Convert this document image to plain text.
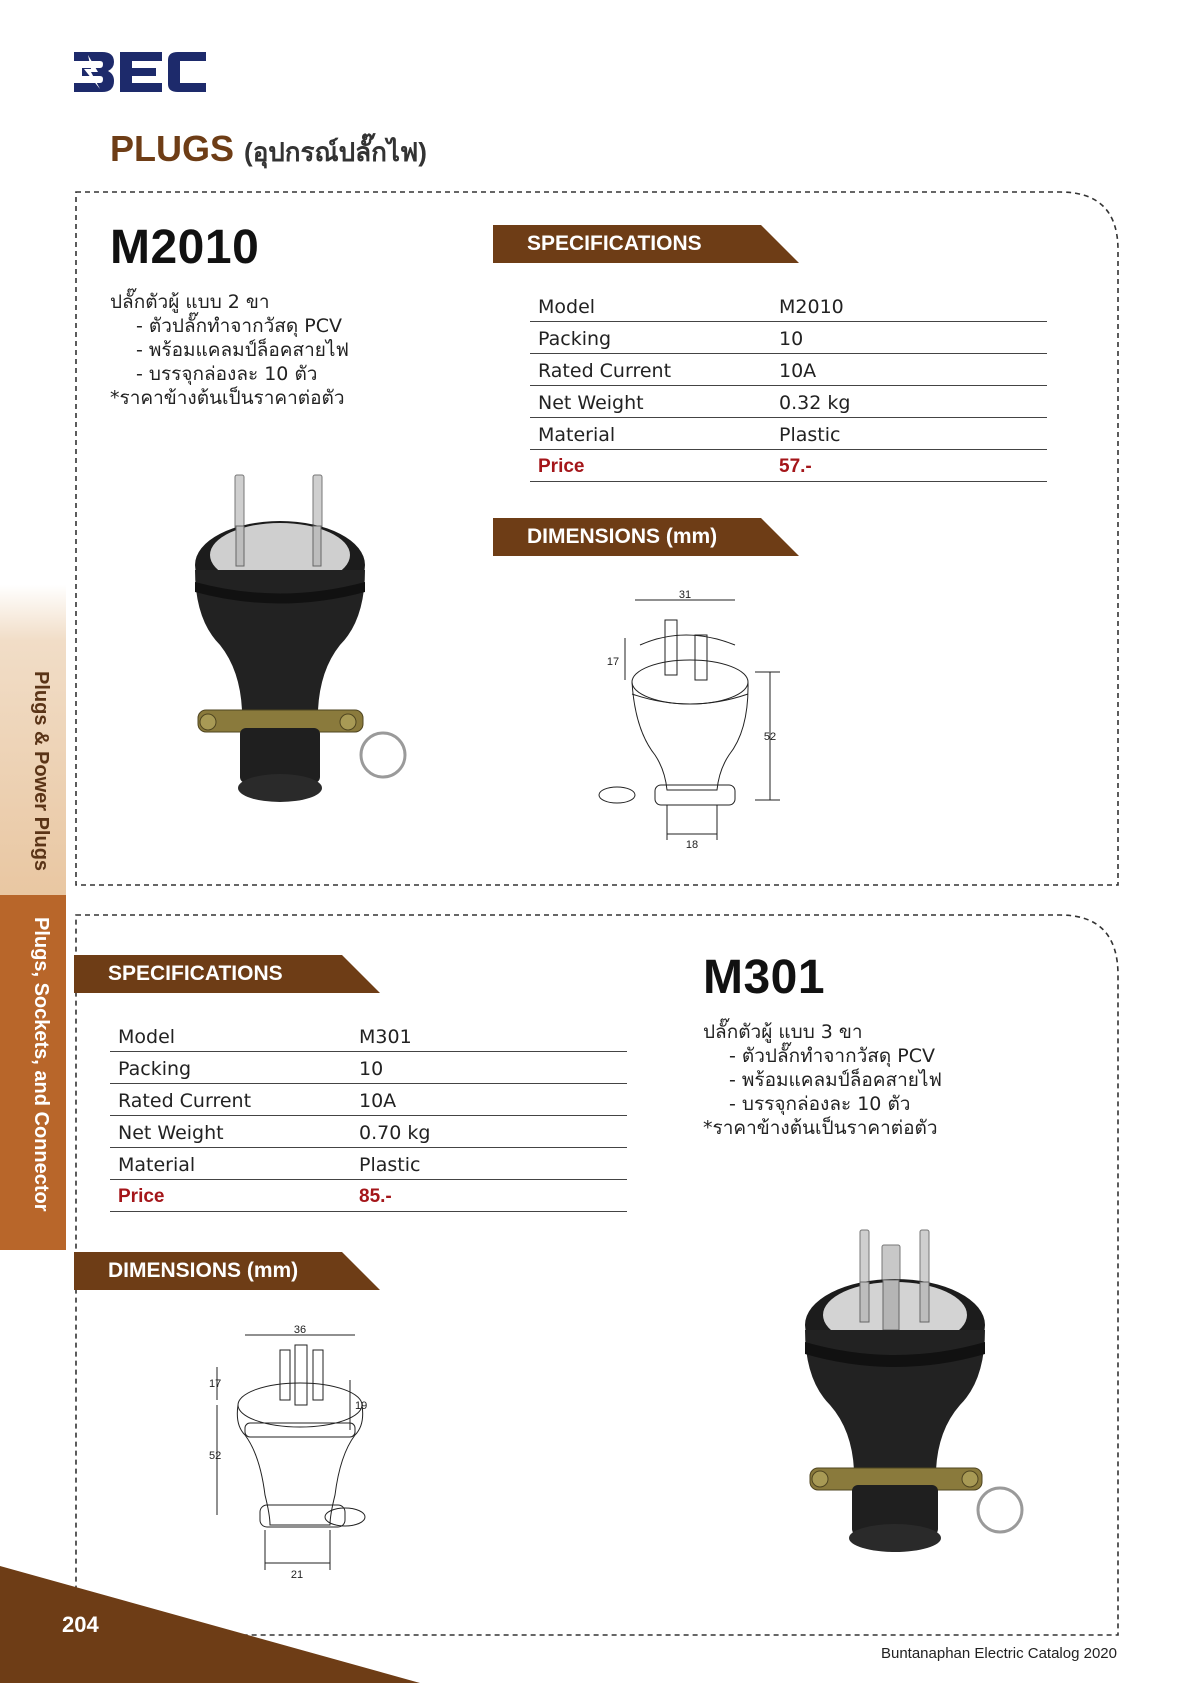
Plugs & Power Plugs
Plugs, Sockets, and Connector
PLUGS (อุปกรณ์ปลั๊กไฟ)
M2010
ปลั๊กตัวผู้ แบบ 2 ขา
- ตัวปลั๊กทำจากวัสดุ PCV
- พร้อมแคลมป์ล็อคสายไฟ
- บรรจุกล่องละ 10 ตัว
*ราคาข้างต้นเป็นราคาต่อตัว
SPECIFICATIONS
Model	M2010
Packing	10
Rated Current	10A
Net Weight	0.32 kg
Material	Plastic
Price	57.-
DIMENSIONS (mm)
31
17
52
18
M301
ปลั๊กตัวผู้ แบบ 3 ขา
- ตัวปลั๊กทำจากวัสดุ PCV
- พร้อมแคลมป์ล็อคสายไฟ
- บรรจุกล่องละ 10 ตัว
*ราคาข้างต้นเป็นราคาต่อตัว
SPECIFICATIONS
Model	M301
Packing	10
Rated Current	10A
Net Weight	0.70 kg
Material	Plastic
Price	85.-
DIMENSIONS (mm)
36
17
19
52
21
204
Buntanaphan Electric Catalog 2020
